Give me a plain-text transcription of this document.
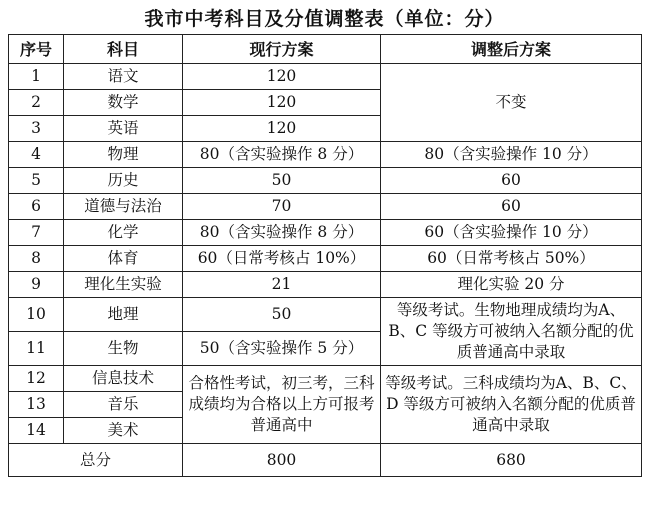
我市中考科目及分值调整表（单位：分）
序号	科目	现行方案	调整后方案
1	语文	120	不变
2	数学	120	
3	英语	120	
4	物理	80（含实验操作 8 分）	80（含实验操作 10 分）
5	历史	50	60
6	道德与法治	70	60
7	化学	80（含实验操作 8 分）	60（含实验操作 10 分）
8	体育	60（日常考核占 10%）	60（日常考核占 50%）
9	理化生实验	21	理化实验 20 分
10	地理	50	等级考试。生物地理成绩均为A、B、C 等级方可被纳入名额分配的优质普通高中录取
11	生物	50（含实验操作 5 分）	
12	信息技术	合格性考试，初三考，三科成绩均为合格以上方可报考普通高中	等级考试。三科成绩均为A、B、C、D 等级方可被纳入名额分配的优质普通高中录取
13	音乐		
14	美术		
总分		800	680
